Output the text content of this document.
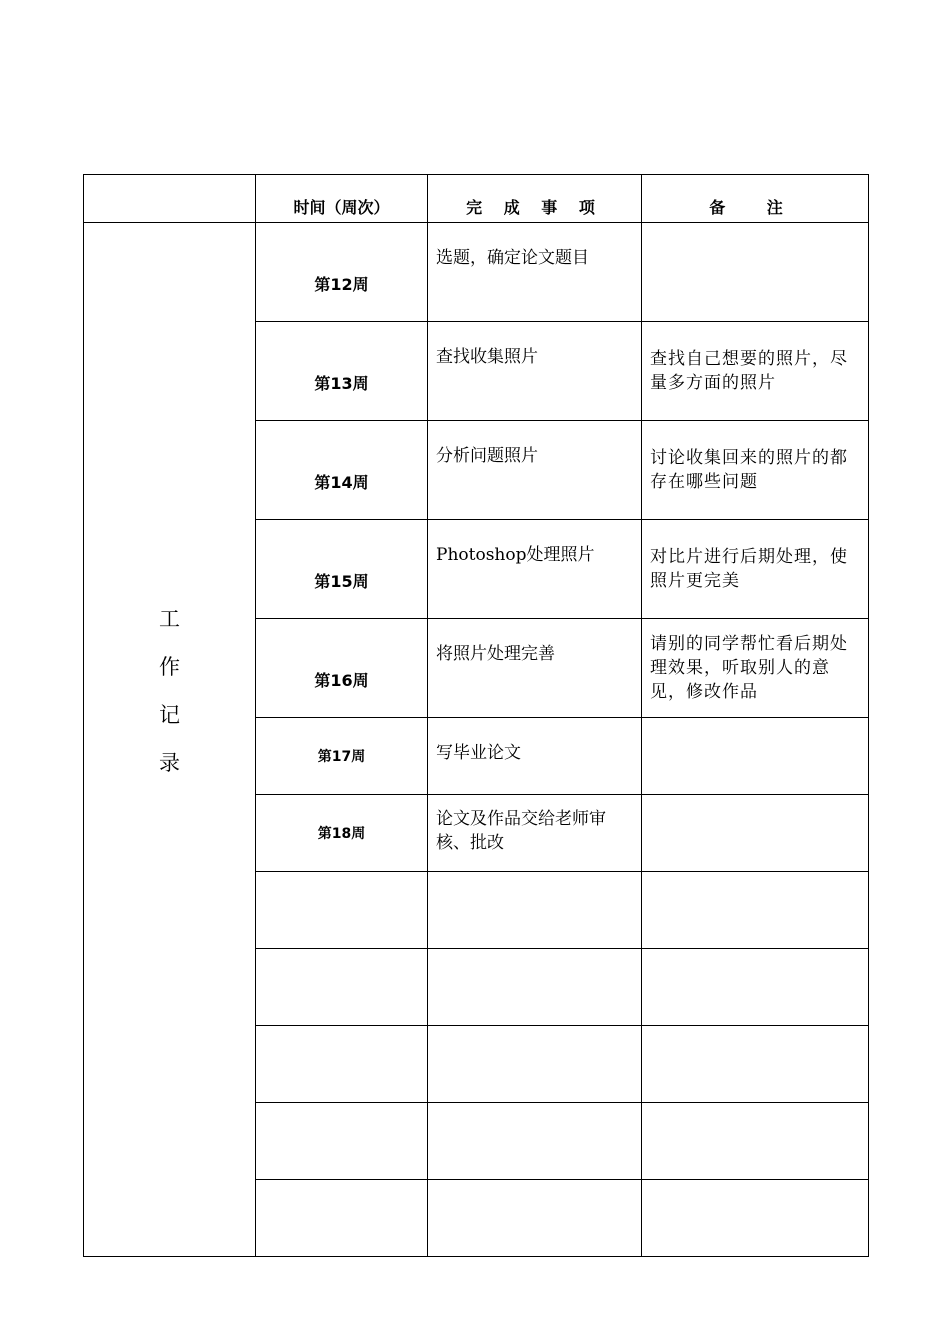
	时间（周次）	完 成 事 项	备 注

工
作
记
录	第12周	选题，确定论文题目	

	第13周	查找收集照片	查找自己想要的照片，尽量多方面的照片

	第14周	分析问题照片	讨论收集回来的照片的都存在哪些问题

	第15周	Photoshop处理照片	对比片进行后期处理，使照片更完美

	第16周	将照片处理完善	请别的同学帮忙看后期处理效果，听取别人的意见，修改作品

	第17周	写毕业论文	

	第18周	论文及作品交给老师审核、批改	
